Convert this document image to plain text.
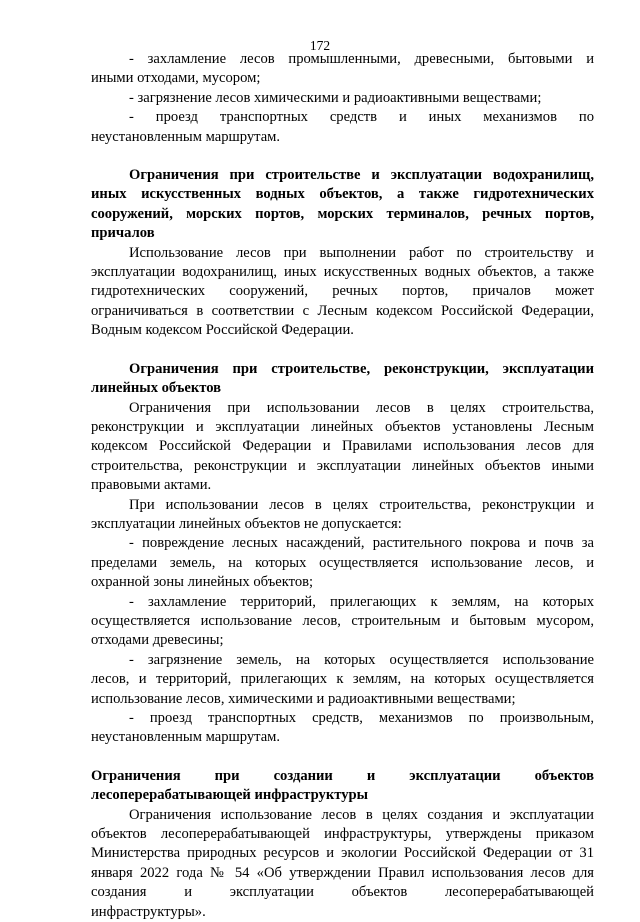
172

- захламление лесов промышленными, древесными, бытовыми и
иными отходами, мусором;

- загрязнение лесов химическими и радиоактивными веществами;

- проезд транспортных средств и иных механизмов по
неустановленным маршрутам.

Ограничения при строительстве и эксплуатации водохранилищ,
иных искусственных водных объектов, а также гидротехнических
сооружений, морских портов, морских терминалов, речных портов,
причалов

Использование лесов при выполнении работ по строительству и
эксплуатации водохранилищ, иных искусственных водных объектов, а также
гидротехнических сооружений, речных портов, причалов может
ограничиваться в соответствии с Лесным кодексом Российской Федерации,
Водным кодексом Российской Федерации.

Ограничения при строительстве, реконструкции, эксплуатации
линейных объектов

Ограничения при использовании лесов в целях строительства,
реконструкции и эксплуатации линейных объектов установлены Лесным
кодексом Российской Федерации и Правилами использования лесов для
строительства, реконструкции и эксплуатации линейных объектов иными
правовыми актами.

При использовании лесов в целях строительства, реконструкции и
эксплуатации линейных объектов не допускается:

- повреждение лесных насаждений, растительного покрова и почв за
пределами земель, на которых осуществляется использование лесов, и
охранной зоны линейных объектов;

- захламление территорий, прилегающих к землям, на которых
осуществляется использование лесов, строительным и бытовым мусором,
отходами древесины;

- загрязнение земель, на которых осуществляется использование
лесов, и территорий, прилегающих к землям, на которых осуществляется
использование лесов, химическими и радиоактивными веществами;

- проезд транспортных средств, механизмов по произвольным,
неустановленным маршрутам.

Ограничения при создании и эксплуатации объектов
лесоперерабатывающей инфраструктуры

Ограничения использование лесов в целях создания и эксплуатации
объектов лесоперерабатывающей инфраструктуры, утверждены приказом
Министерства природных ресурсов и экологии Российской Федерации от 31
января 2022 года № 54 «Об утверждении Правил использования лесов для
создания и эксплуатации объектов лесоперерабатывающей
инфраструктуры».
